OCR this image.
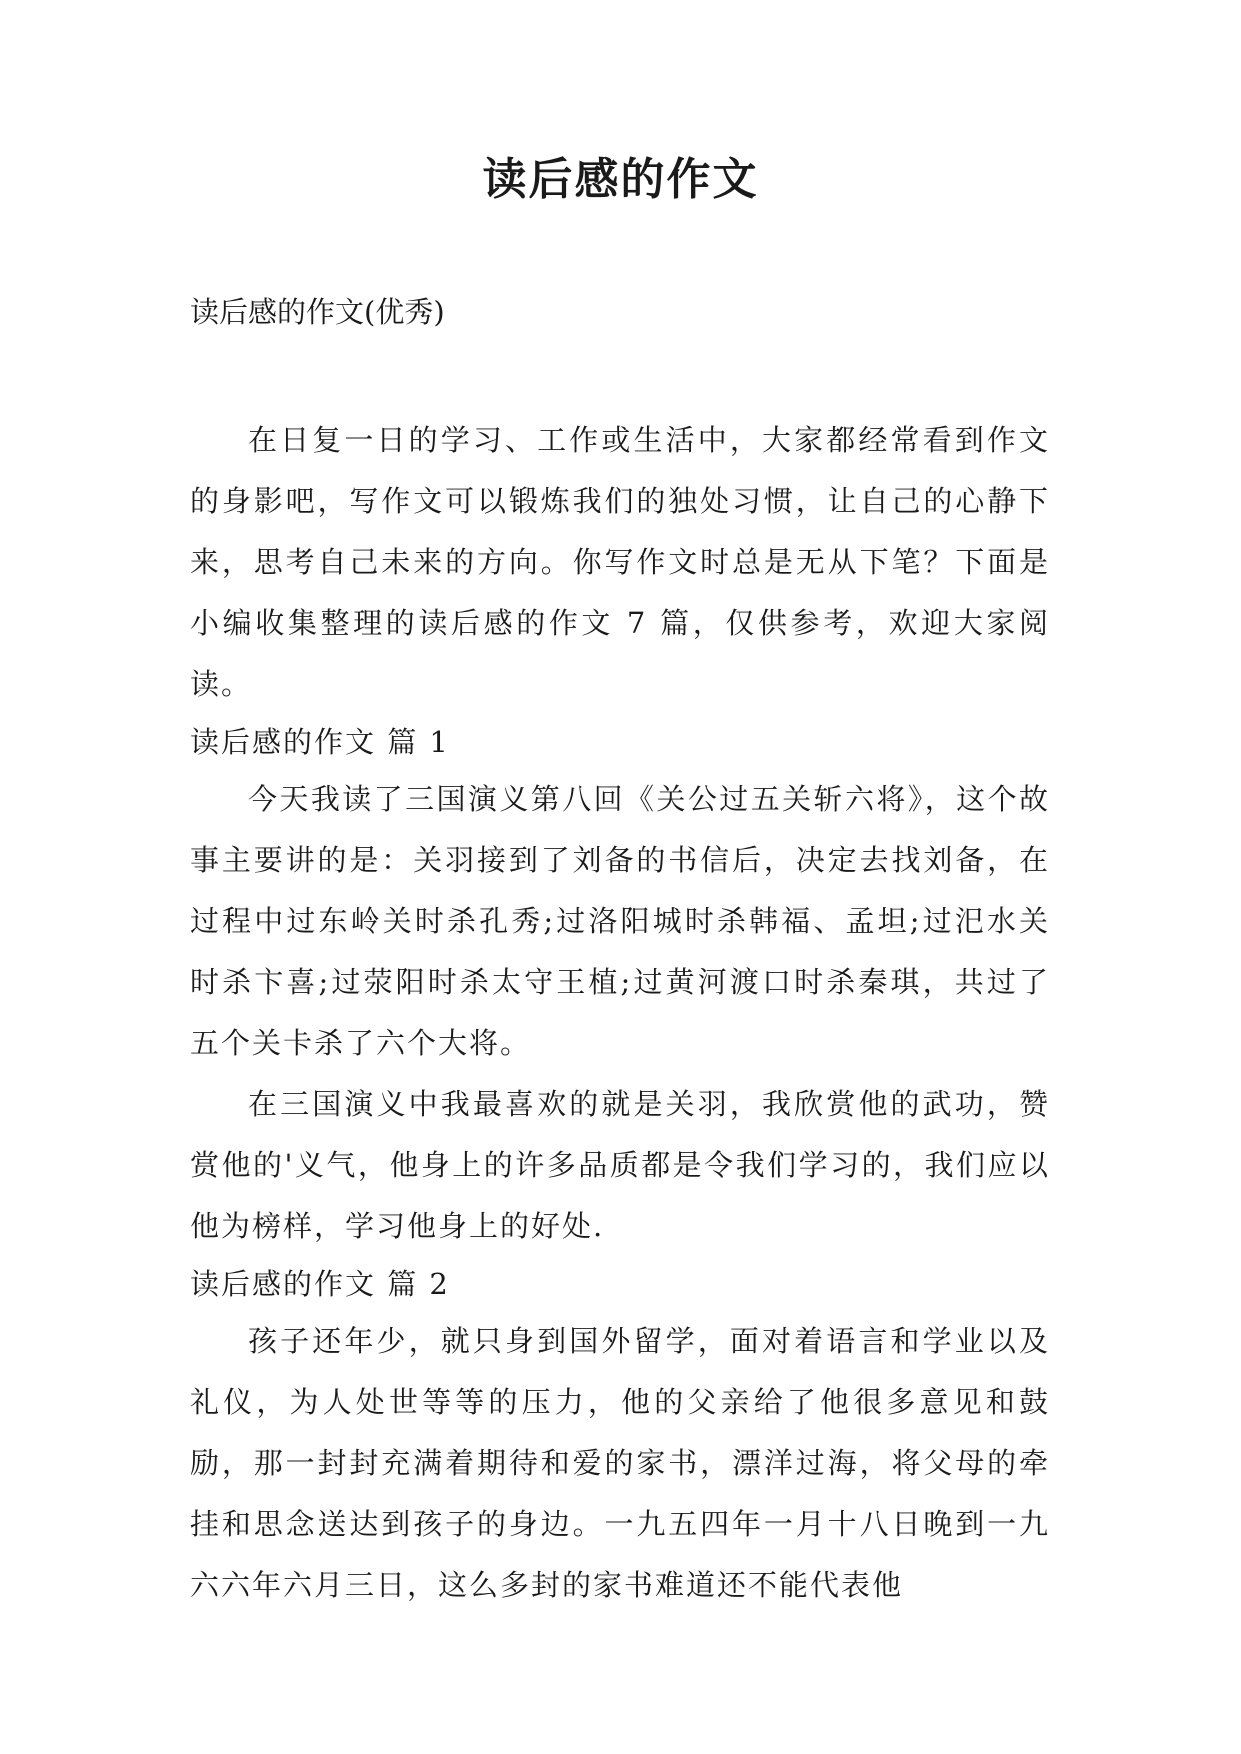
读后感的作文

读后感的作文(优秀)

在日复一日的学习、工作或生活中，大家都经常看到作文的身影吧，写作文可以锻炼我们的独处习惯，让自己的心静下来，思考自己未来的方向。你写作文时总是无从下笔？下面是小编收集整理的读后感的作文 7 篇，仅供参考，欢迎大家阅读。

读后感的作文 篇 1

今天我读了三国演义第八回《关公过五关斩六将》，这个故事主要讲的是：关羽接到了刘备的书信后，决定去找刘备，在过程中过东岭关时杀孔秀;过洛阳城时杀韩福、孟坦;过汜水关时杀卞喜;过荥阳时杀太守王植;过黄河渡口时杀秦琪，共过了五个关卡杀了六个大将。

在三国演义中我最喜欢的就是关羽，我欣赏他的武功，赞赏他的'义气，他身上的许多品质都是令我们学习的，我们应以他为榜样，学习他身上的好处.

读后感的作文 篇 2

孩子还年少，就只身到国外留学，面对着语言和学业以及礼仪，为人处世等等的压力，他的父亲给了他很多意见和鼓励，那一封封充满着期待和爱的家书，漂洋过海，将父母的牵挂和思念送达到孩子的身边。一九五四年一月十八日晚到一九六六年六月三日，这么多封的家书难道还不能代表他
